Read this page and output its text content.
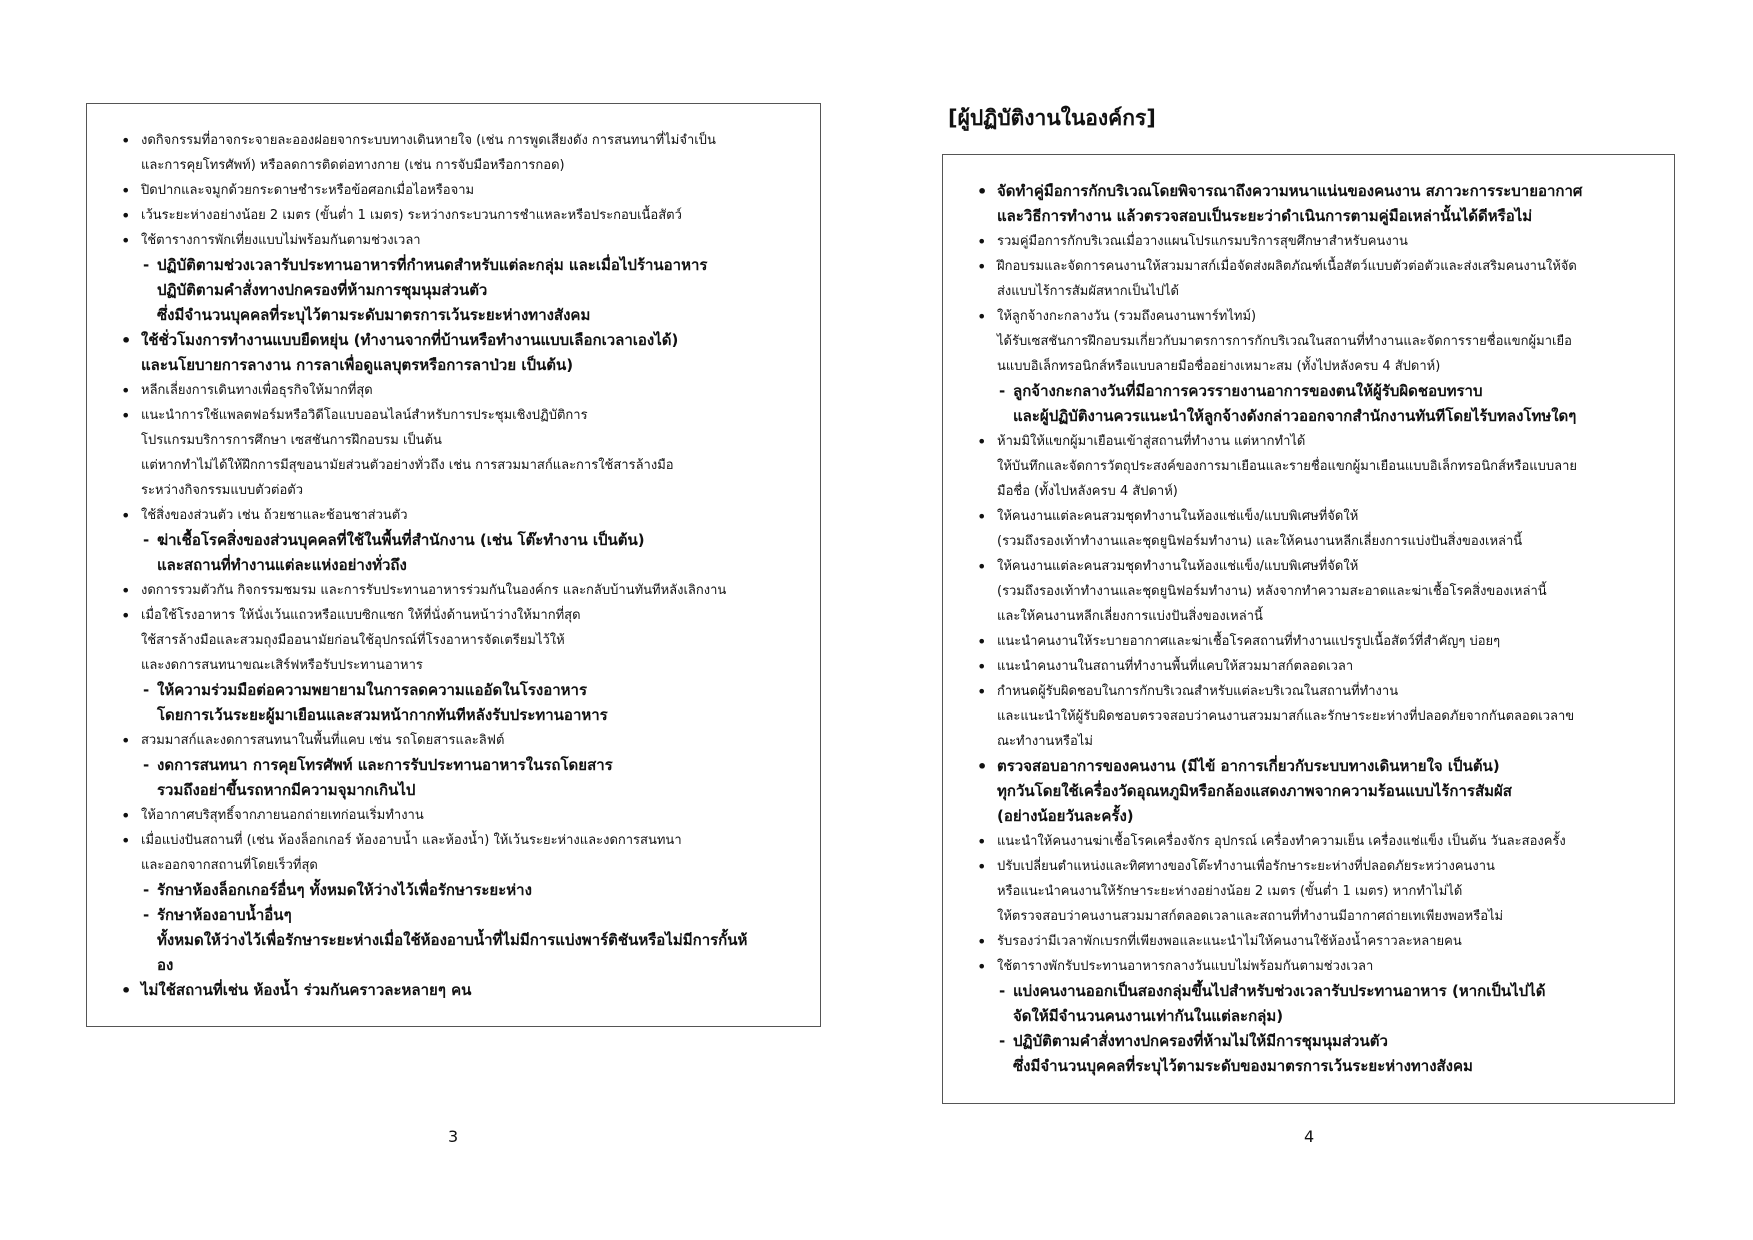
• งดกิจกรรมที่อาจกระจายละอองฝอยจากระบบทางเดินหายใจ (เช่น การพูดเสียงดัง การสนทนาที่ไม่จำเป็น
และการคุยโทรศัพท์) หรือลดการติดต่อทางกาย (เช่น การจับมือหรือการกอด)
• ปิดปากและจมูกด้วยกระดาษชำระหรือข้อศอกเมื่อไอหรือจาม
• เว้นระยะห่างอย่างน้อย 2 เมตร (ขั้นต่ำ 1 เมตร) ระหว่างกระบวนการชำแหละหรือประกอบเนื้อสัตว์
• ใช้ตารางการพักเที่ยงแบบไม่พร้อมกันตามช่วงเวลา
- ปฏิบัติตามช่วงเวลารับประทานอาหารที่กำหนดสำหรับแต่ละกลุ่ม และเมื่อไปร้านอาหาร
ปฏิบัติตามคำสั่งทางปกครองที่ห้ามการชุมนุมส่วนตัว
ซึ่งมีจำนวนบุคคลที่ระบุไว้ตามระดับมาตรการเว้นระยะห่างทางสังคม
• ใช้ชั่วโมงการทำงานแบบยืดหยุ่น (ทำงานจากที่บ้านหรือทำงานแบบเลือกเวลาเองได้)
และนโยบายการลางาน การลาเพื่อดูแลบุตรหรือการลาป่วย เป็นต้น)
• หลีกเลี่ยงการเดินทางเพื่อธุรกิจให้มากที่สุด
• แนะนำการใช้แพลตฟอร์มหรือวิดีโอแบบออนไลน์สำหรับการประชุมเชิงปฏิบัติการ
โปรแกรมบริการการศึกษา เซสชันการฝึกอบรม เป็นต้น
แต่หากทำไม่ได้ให้ฝึกการมีสุขอนามัยส่วนตัวอย่างทั่วถึง เช่น การสวมมาสก์และการใช้สารล้างมือ
ระหว่างกิจกรรมแบบตัวต่อตัว
• ใช้สิ่งของส่วนตัว เช่น ถ้วยชาและช้อนชาส่วนตัว
- ฆ่าเชื้อโรคสิ่งของส่วนบุคคลที่ใช้ในพื้นที่สำนักงาน (เช่น โต๊ะทำงาน เป็นต้น)
และสถานที่ทำงานแต่ละแห่งอย่างทั่วถึง
• งดการรวมตัวกัน กิจกรรมชมรม และการรับประทานอาหารร่วมกันในองค์กร และกลับบ้านทันทีหลังเลิกงาน
• เมื่อใช้โรงอาหาร ให้นั่งเว้นแถวหรือแบบซิกแซก ให้ที่นั่งด้านหน้าว่างให้มากที่สุด
ใช้สารล้างมือและสวมถุงมืออนามัยก่อนใช้อุปกรณ์ที่โรงอาหารจัดเตรียมไว้ให้
และงดการสนทนาขณะเสิร์ฟหรือรับประทานอาหาร
- ให้ความร่วมมือต่อความพยายามในการลดความแออัดในโรงอาหาร
โดยการเว้นระยะผู้มาเยือนและสวมหน้ากากทันทีหลังรับประทานอาหาร
• สวมมาสก์และงดการสนทนาในพื้นที่แคบ เช่น รถโดยสารและลิฟต์
- งดการสนทนา การคุยโทรศัพท์ และการรับประทานอาหารในรถโดยสาร
รวมถึงอย่าขึ้นรถหากมีความจุมากเกินไป
• ให้อากาศบริสุทธิ์จากภายนอกถ่ายเทก่อนเริ่มทำงาน
• เมื่อแบ่งปันสถานที่ (เช่น ห้องล็อกเกอร์ ห้องอาบน้ำ และห้องน้ำ) ให้เว้นระยะห่างและงดการสนทนา
และออกจากสถานที่โดยเร็วที่สุด
- รักษาห้องล็อกเกอร์อื่นๆ ทั้งหมดให้ว่างไว้เพื่อรักษาระยะห่าง
- รักษาห้องอาบน้ำอื่นๆ
ทั้งหมดให้ว่างไว้เพื่อรักษาระยะห่างเมื่อใช้ห้องอาบน้ำที่ไม่มีการแบ่งพาร์ติชันหรือไม่มีการกั้นห้
อง
• ไม่ใช้สถานที่เช่น ห้องน้ำ ร่วมกันคราวละหลายๆ คน
3
[ผู้ปฏิบัติงานในองค์กร]
• จัดทำคู่มือการกักบริเวณโดยพิจารณาถึงความหนาแน่นของคนงาน สภาวะการระบายอากาศ
และวิธีการทำงาน แล้วตรวจสอบเป็นระยะว่าดำเนินการตามคู่มือเหล่านั้นได้ดีหรือไม่
• รวมคู่มือการกักบริเวณเมื่อวางแผนโปรแกรมบริการสุขศึกษาสำหรับคนงาน
• ฝึกอบรมและจัดการคนงานให้สวมมาสก์เมื่อจัดส่งผลิตภัณฑ์เนื้อสัตว์แบบตัวต่อตัวและส่งเสริมคนงานให้จัด
ส่งแบบไร้การสัมผัสหากเป็นไปได้
• ให้ลูกจ้างกะกลางวัน (รวมถึงคนงานพาร์ทไทม์)
ได้รับเซสชันการฝึกอบรมเกี่ยวกับมาตรการการกักบริเวณในสถานที่ทำงานและจัดการรายชื่อแขกผู้มาเยือ
นแบบอิเล็กทรอนิกส์หรือแบบลายมือชื่ออย่างเหมาะสม (ทั้งไปหลังครบ 4 สัปดาห์)
- ลูกจ้างกะกลางวันที่มีอาการควรรายงานอาการของตนให้ผู้รับผิดชอบทราบ
และผู้ปฏิบัติงานควรแนะนำให้ลูกจ้างดังกล่าวออกจากสำนักงานทันทีโดยไร้บทลงโทษใดๆ
• ห้ามมิให้แขกผู้มาเยือนเข้าสู่สถานที่ทำงาน แต่หากทำได้
ให้บันทึกและจัดการวัตถุประสงค์ของการมาเยือนและรายชื่อแขกผู้มาเยือนแบบอิเล็กทรอนิกส์หรือแบบลาย
มือชื่อ (ทั้งไปหลังครบ 4 สัปดาห์)
• ให้คนงานแต่ละคนสวมชุดทำงานในห้องแช่แข็ง/แบบพิเศษที่จัดให้
(รวมถึงรองเท้าทำงานและชุดยูนิฟอร์มทำงาน) และให้คนงานหลีกเลี่ยงการแบ่งปันสิ่งของเหล่านี้
• ให้คนงานแต่ละคนสวมชุดทำงานในห้องแช่แข็ง/แบบพิเศษที่จัดให้
(รวมถึงรองเท้าทำงานและชุดยูนิฟอร์มทำงาน) หลังจากทำความสะอาดและฆ่าเชื้อโรคสิ่งของเหล่านี้
และให้คนงานหลีกเลี่ยงการแบ่งปันสิ่งของเหล่านี้
• แนะนำคนงานให้ระบายอากาศและฆ่าเชื้อโรคสถานที่ทำงานแปรรูปเนื้อสัตว์ที่สำคัญๆ บ่อยๆ
• แนะนำคนงานในสถานที่ทำงานพื้นที่แคบให้สวมมาสก์ตลอดเวลา
• กำหนดผู้รับผิดชอบในการกักบริเวณสำหรับแต่ละบริเวณในสถานที่ทำงาน
และแนะนำให้ผู้รับผิดชอบตรวจสอบว่าคนงานสวมมาสก์และรักษาระยะห่างที่ปลอดภัยจากกันตลอดเวลาข
ณะทำงานหรือไม่
• ตรวจสอบอาการของคนงาน (มีไข้ อาการเกี่ยวกับระบบทางเดินหายใจ เป็นต้น)
ทุกวันโดยใช้เครื่องวัดอุณหภูมิหรือกล้องแสดงภาพจากความร้อนแบบไร้การสัมผัส
(อย่างน้อยวันละครั้ง)
• แนะนำให้คนงานฆ่าเชื้อโรคเครื่องจักร อุปกรณ์ เครื่องทำความเย็น เครื่องแช่แข็ง เป็นต้น วันละสองครั้ง
• ปรับเปลี่ยนตำแหน่งและทิศทางของโต๊ะทำงานเพื่อรักษาระยะห่างที่ปลอดภัยระหว่างคนงาน
หรือแนะนำคนงานให้รักษาระยะห่างอย่างน้อย 2 เมตร (ขั้นต่ำ 1 เมตร) หากทำไม่ได้
ให้ตรวจสอบว่าคนงานสวมมาสก์ตลอดเวลาและสถานที่ทำงานมีอากาศถ่ายเทเพียงพอหรือไม่
• รับรองว่ามีเวลาพักเบรกที่เพียงพอและแนะนำไม่ให้คนงานใช้ห้องน้ำคราวละหลายคน
• ใช้ตารางพักรับประทานอาหารกลางวันแบบไม่พร้อมกันตามช่วงเวลา
- แบ่งคนงานออกเป็นสองกลุ่มขึ้นไปสำหรับช่วงเวลารับประทานอาหาร (หากเป็นไปได้
จัดให้มีจำนวนคนงานเท่ากันในแต่ละกลุ่ม)
- ปฏิบัติตามคำสั่งทางปกครองที่ห้ามไม่ให้มีการชุมนุมส่วนตัว
ซึ่งมีจำนวนบุคคลที่ระบุไว้ตามระดับของมาตรการเว้นระยะห่างทางสังคม
4
